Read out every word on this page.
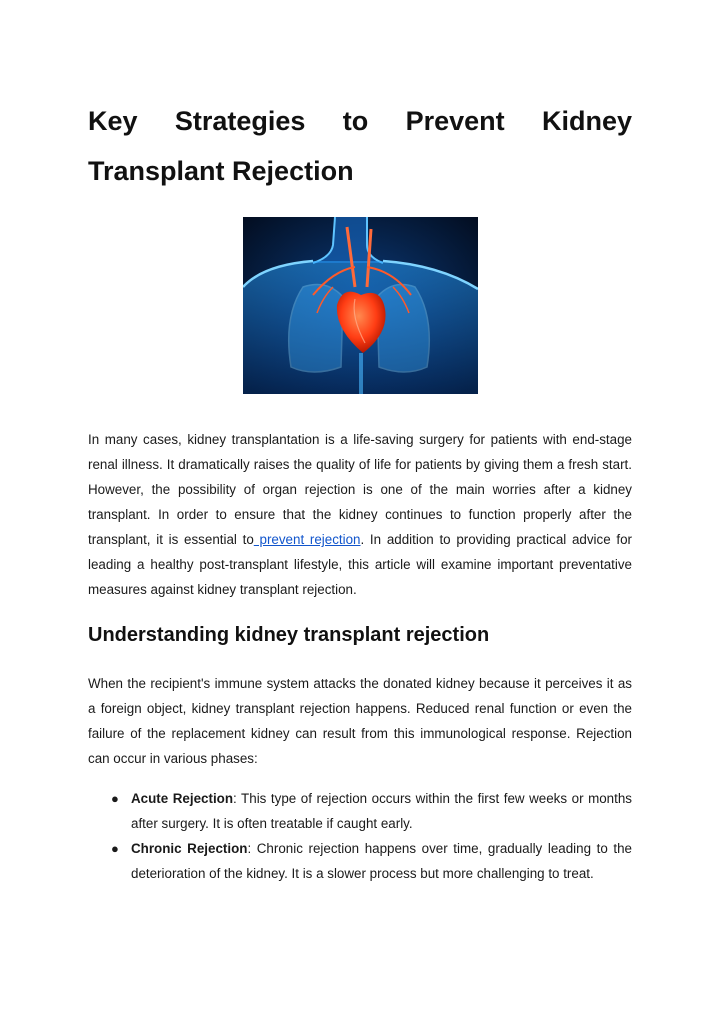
Key Strategies to Prevent Kidney Transplant Rejection

In many cases, kidney transplantation is a life-saving surgery for patients with end-stage renal illness. It dramatically raises the quality of life for patients by giving them a fresh start. However, the possibility of organ rejection is one of the main worries after a kidney transplant. In order to ensure that the kidney continues to function properly after the transplant, it is essential to prevent rejection. In addition to providing practical advice for leading a healthy post-transplant lifestyle, this article will examine important preventative measures against kidney transplant rejection.

Understanding kidney transplant rejection

When the recipient's immune system attacks the donated kidney because it perceives it as a foreign object, kidney transplant rejection happens. Reduced renal function or even the failure of the replacement kidney can result from this immunological response. Rejection can occur in various phases:

● Acute Rejection: This type of rejection occurs within the first few weeks or months after surgery. It is often treatable if caught early.
● Chronic Rejection: Chronic rejection happens over time, gradually leading to the deterioration of the kidney. It is a slower process but more challenging to treat.
